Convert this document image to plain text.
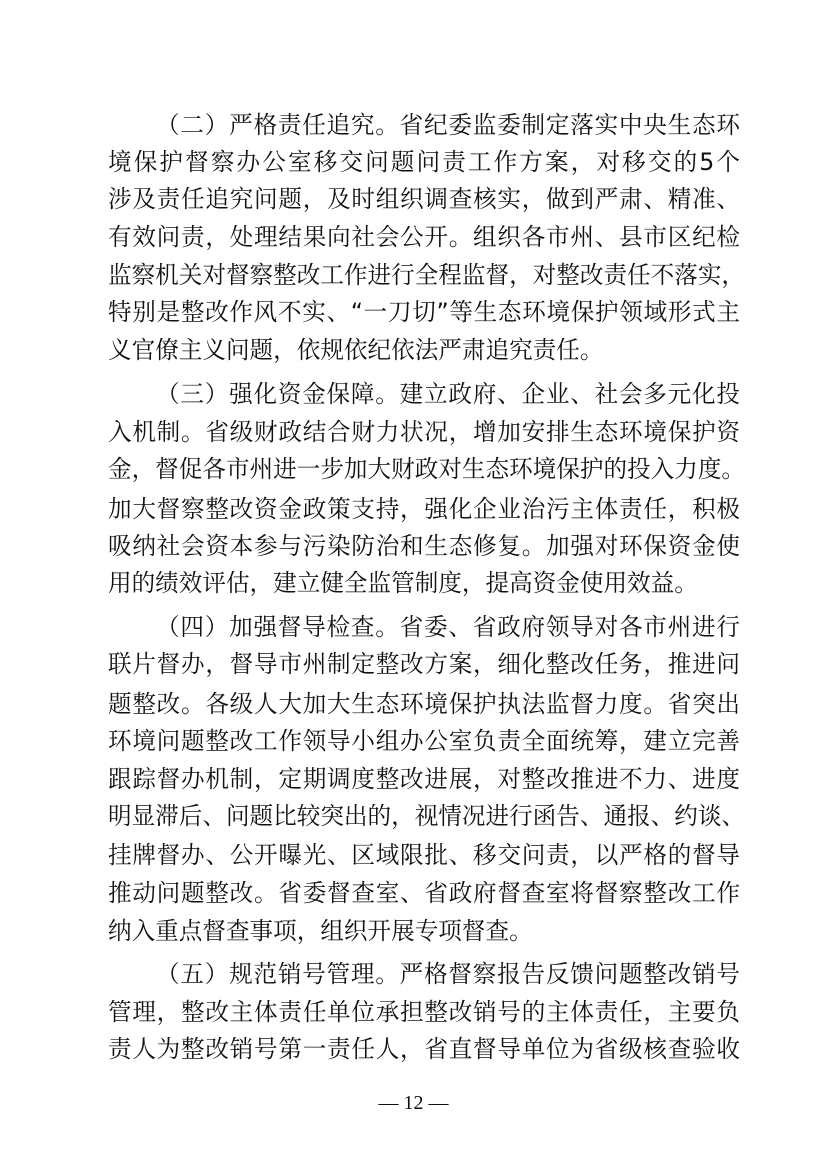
（二）严格责任追究。省纪委监委制定落实中央生态环
境保护督察办公室移交问题问责工作方案，对移交的5个
涉及责任追究问题，及时组织调查核实，做到严肃、精准、
有效问责，处理结果向社会公开。组织各市州、县市区纪检
监察机关对督察整改工作进行全程监督，对整改责任不落实，
特别是整改作风不实、“一刀切”等生态环境保护领域形式主
义官僚主义问题，依规依纪依法严肃追究责任。
（三）强化资金保障。建立政府、企业、社会多元化投
入机制。省级财政结合财力状况，增加安排生态环境保护资
金，督促各市州进一步加大财政对生态环境保护的投入力度。
加大督察整改资金政策支持，强化企业治污主体责任，积极
吸纳社会资本参与污染防治和生态修复。加强对环保资金使
用的绩效评估，建立健全监管制度，提高资金使用效益。
（四）加强督导检查。省委、省政府领导对各市州进行
联片督办，督导市州制定整改方案，细化整改任务，推进问
题整改。各级人大加大生态环境保护执法监督力度。省突出
环境问题整改工作领导小组办公室负责全面统筹，建立完善
跟踪督办机制，定期调度整改进展，对整改推进不力、进度
明显滞后、问题比较突出的，视情况进行函告、通报、约谈、
挂牌督办、公开曝光、区域限批、移交问责，以严格的督导
推动问题整改。省委督查室、省政府督查室将督察整改工作
纳入重点督查事项，组织开展专项督查。
（五）规范销号管理。严格督察报告反馈问题整改销号
管理，整改主体责任单位承担整改销号的主体责任，主要负
责人为整改销号第一责任人，省直督导单位为省级核查验收
— 12 —
